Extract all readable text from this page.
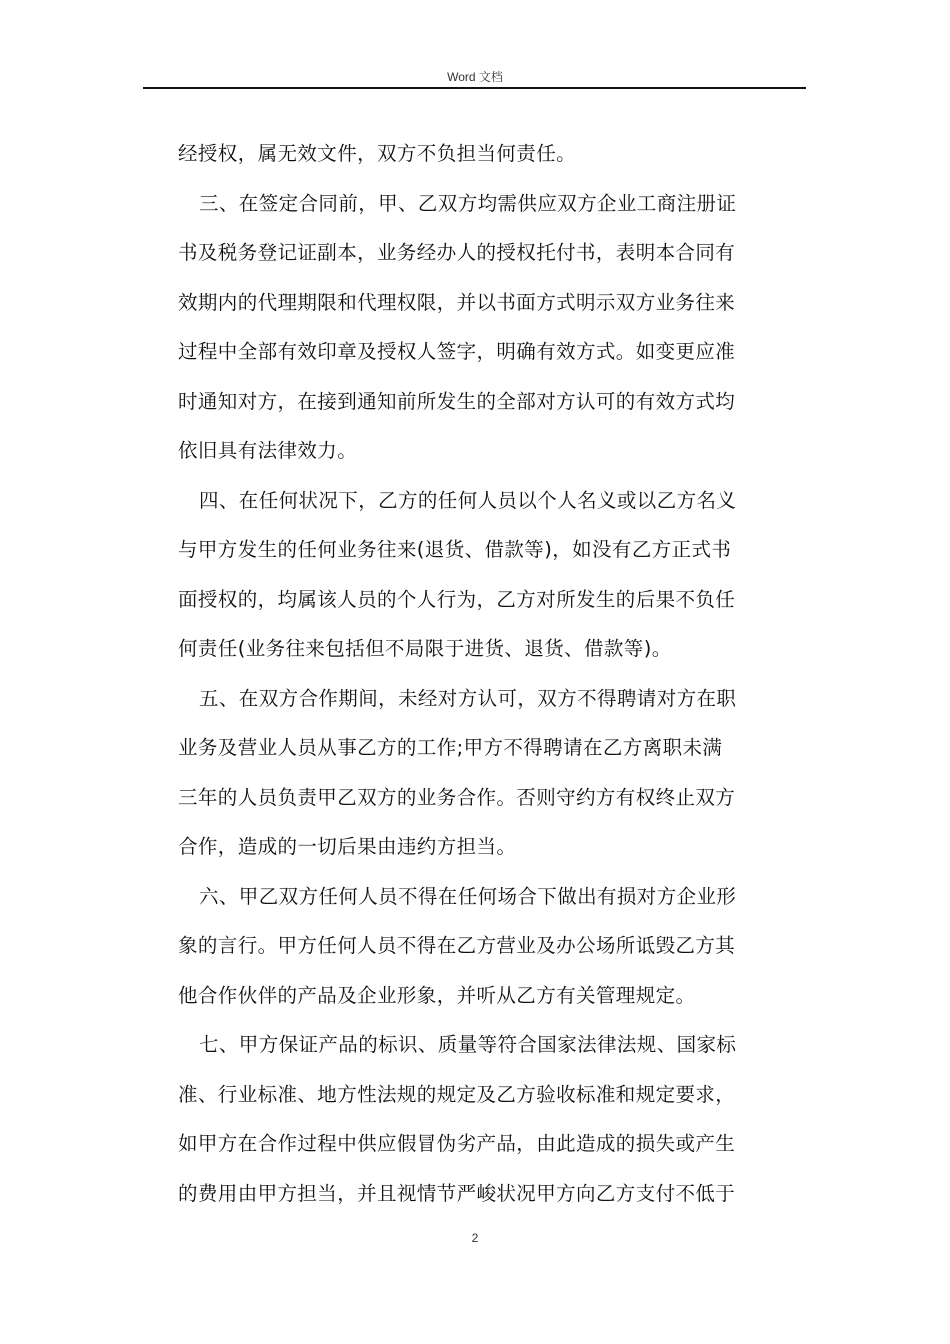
Word 文档
经授权，属无效文件，双方不负担当何责任。
三、在签定合同前，甲、乙双方均需供应双方企业工商注册证
书及税务登记证副本，业务经办人的授权托付书，表明本合同有
效期内的代理期限和代理权限，并以书面方式明示双方业务往来
过程中全部有效印章及授权人签字，明确有效方式。如变更应准
时通知对方，在接到通知前所发生的全部对方认可的有效方式均
依旧具有法律效力。
四、在任何状况下，乙方的任何人员以个人名义或以乙方名义
与甲方发生的任何业务往来(退货、借款等)，如没有乙方正式书
面授权的，均属该人员的个人行为，乙方对所发生的后果不负任
何责任(业务往来包括但不局限于进货、退货、借款等)。
五、在双方合作期间，未经对方认可，双方不得聘请对方在职
业务及营业人员从事乙方的工作;甲方不得聘请在乙方离职未满
三年的人员负责甲乙双方的业务合作。否则守约方有权终止双方
合作，造成的一切后果由违约方担当。
六、甲乙双方任何人员不得在任何场合下做出有损对方企业形
象的言行。甲方任何人员不得在乙方营业及办公场所诋毁乙方其
他合作伙伴的产品及企业形象，并听从乙方有关管理规定。
七、甲方保证产品的标识、质量等符合国家法律法规、国家标
准、行业标准、地方性法规的规定及乙方验收标准和规定要求，
如甲方在合作过程中供应假冒伪劣产品，由此造成的损失或产生
的费用由甲方担当，并且视情节严峻状况甲方向乙方支付不低于
2
